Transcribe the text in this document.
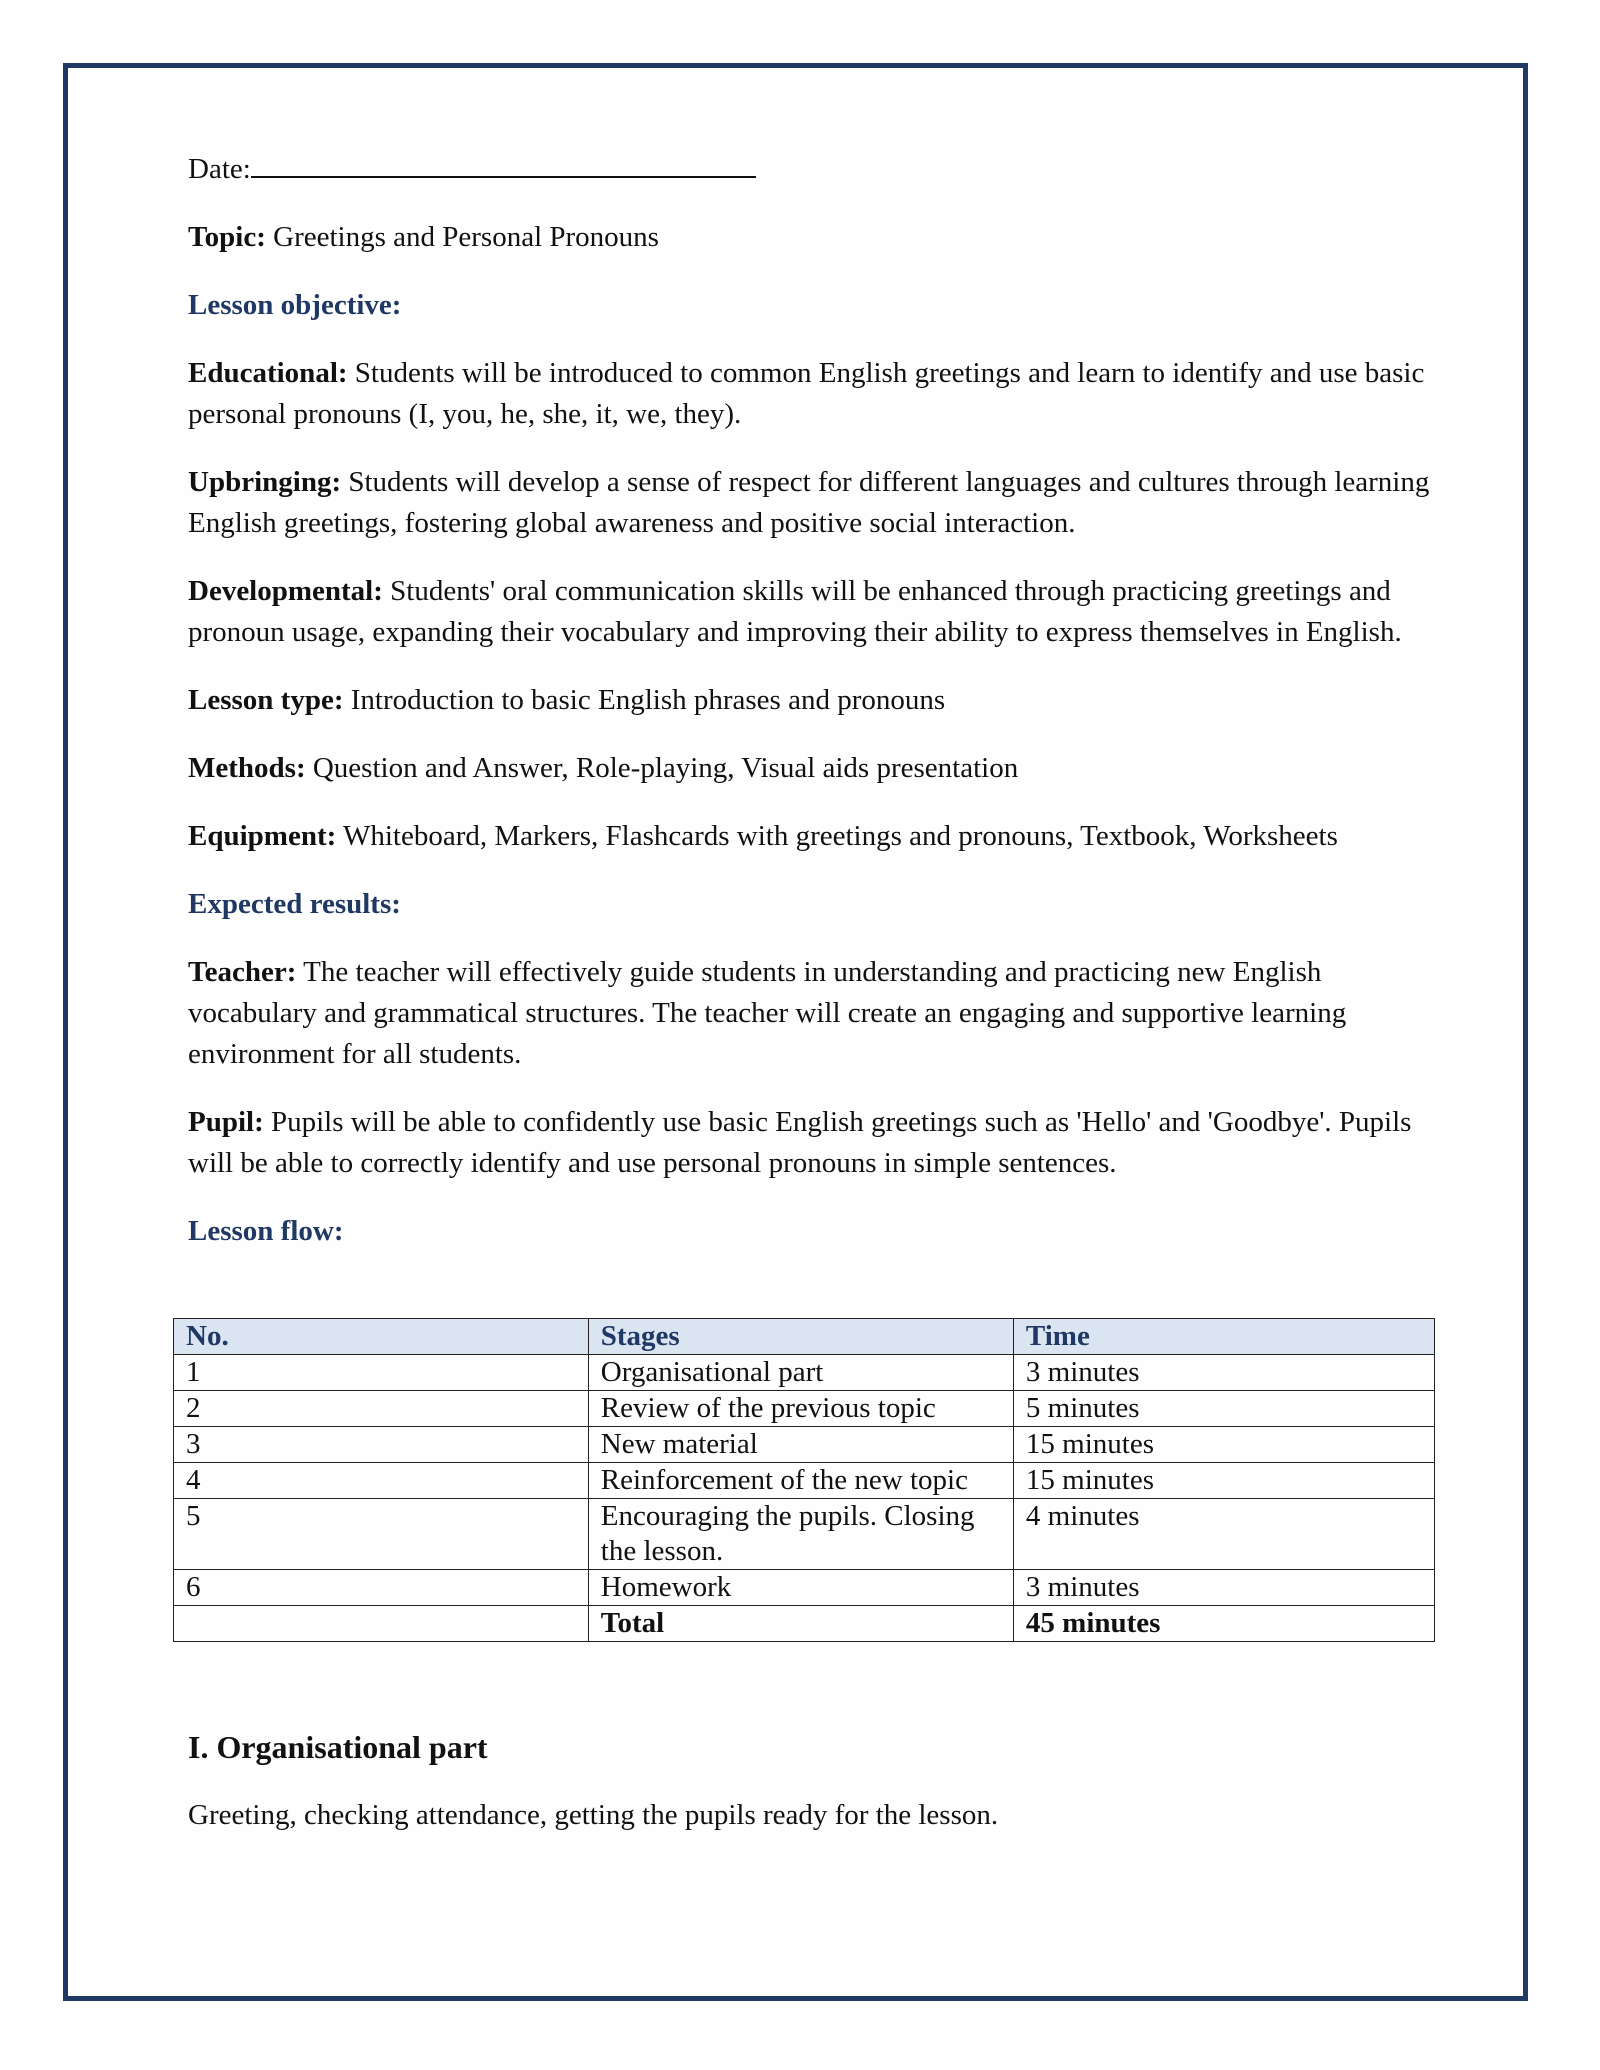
Date:

Topic: Greetings and Personal Pronouns

Lesson objective:

Educational: Students will be introduced to common English greetings and learn to identify and use basic personal pronouns (I, you, he, she, it, we, they).

Upbringing: Students will develop a sense of respect for different languages and cultures through learning English greetings, fostering global awareness and positive social interaction.

Developmental: Students' oral communication skills will be enhanced through practicing greetings and pronoun usage, expanding their vocabulary and improving their ability to express themselves in English.

Lesson type: Introduction to basic English phrases and pronouns

Methods: Question and Answer, Role-playing, Visual aids presentation

Equipment: Whiteboard, Markers, Flashcards with greetings and pronouns, Textbook, Worksheets

Expected results:

Teacher: The teacher will effectively guide students in understanding and practicing new English vocabulary and grammatical structures. The teacher will create an engaging and supportive learning environment for all students.

Pupil: Pupils will be able to confidently use basic English greetings such as 'Hello' and 'Goodbye'. Pupils will be able to correctly identify and use personal pronouns in simple sentences.

Lesson flow:

No.	Stages	Time
1	Organisational part	3 minutes
2	Review of the previous topic	5 minutes
3	New material	15 minutes
4	Reinforcement of the new topic	15 minutes
5	Encouraging the pupils. Closing the lesson.	4 minutes
6	Homework	3 minutes
	Total	45 minutes
I. Organisational part
Greeting, checking attendance, getting the pupils ready for the lesson.
